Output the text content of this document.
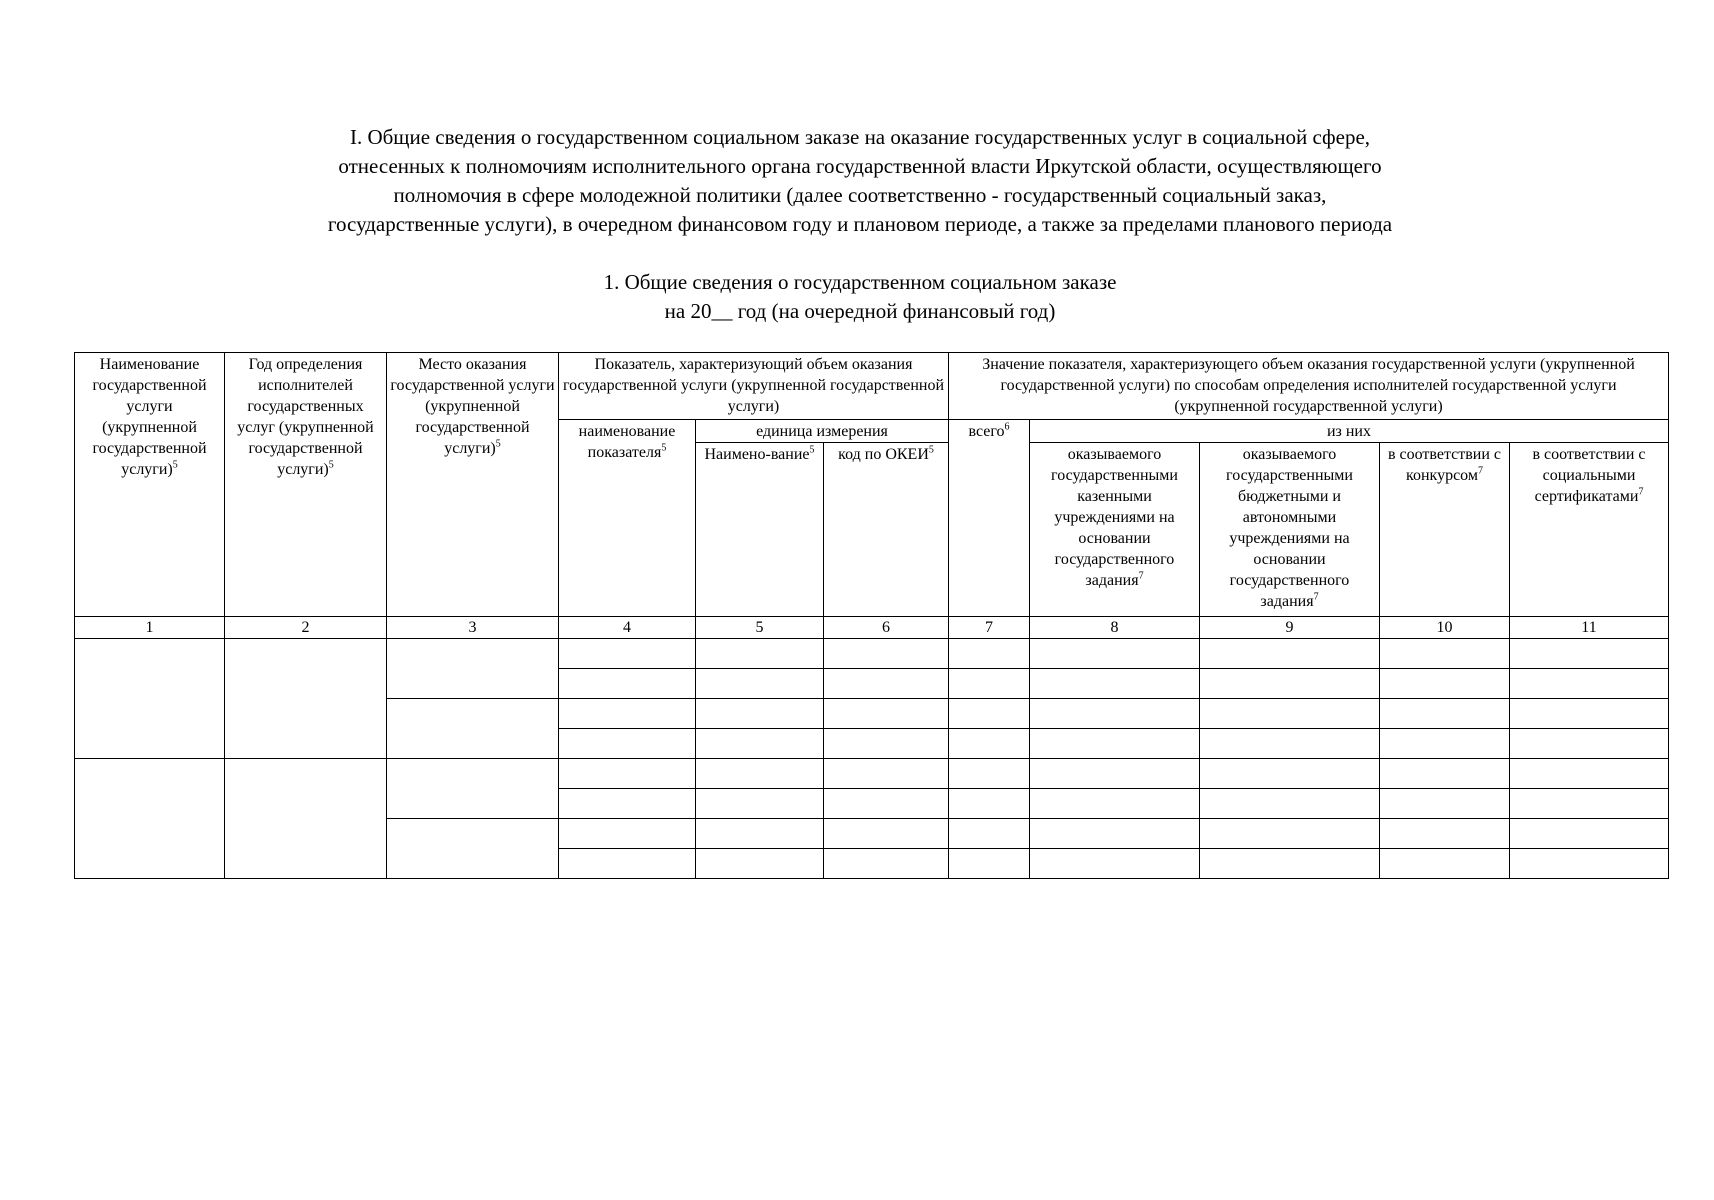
I. Общие сведения о государственном социальном заказе на оказание государственных услуг в социальной сфере,
отнесенных к полномочиям исполнительного органа государственной власти Иркутской области, осуществляющего
полномочия в сфере молодежной политики (далее соответственно - государственный социальный заказ,
государственные услуги), в очередном финансовом году и плановом периоде, а также за пределами планового периода
1. Общие сведения о государственном социальном заказе
на 20__ год (на очередной финансовый год)
Наименование государственной услуги (укрупненной государственной услуги)$^5$	Год определения исполнителей государственных услуг (укрупненной государственной услуги)$^5$	Место оказания государственной услуги (укрупненной государственной услуги)$^5$	Показатель, характеризующий объем оказания государственной услуги (укрупненной государственной услуги)			Значение показателя, характеризующего объем оказания государственной услуги (укрупненной государственной услуги) по способам определения исполнителей государственной услуги (укрупненной государственной услуги)				
			наименование показателя$^5$	единица измерения		всего$^6$	из них			
				Наимено-вание$^5$	код по ОКЕИ$^5$		оказываемого государственными казенными учреждениями на основании государственного задания$^7$	оказываемого государственными бюджетными и автономными учреждениями на основании государственного задания$^7$	в соответствии с конкурсом$^7$	в соответствии с социальными сертификатами$^7$
1	2	3	4	5	6	7	8	9	10	11
